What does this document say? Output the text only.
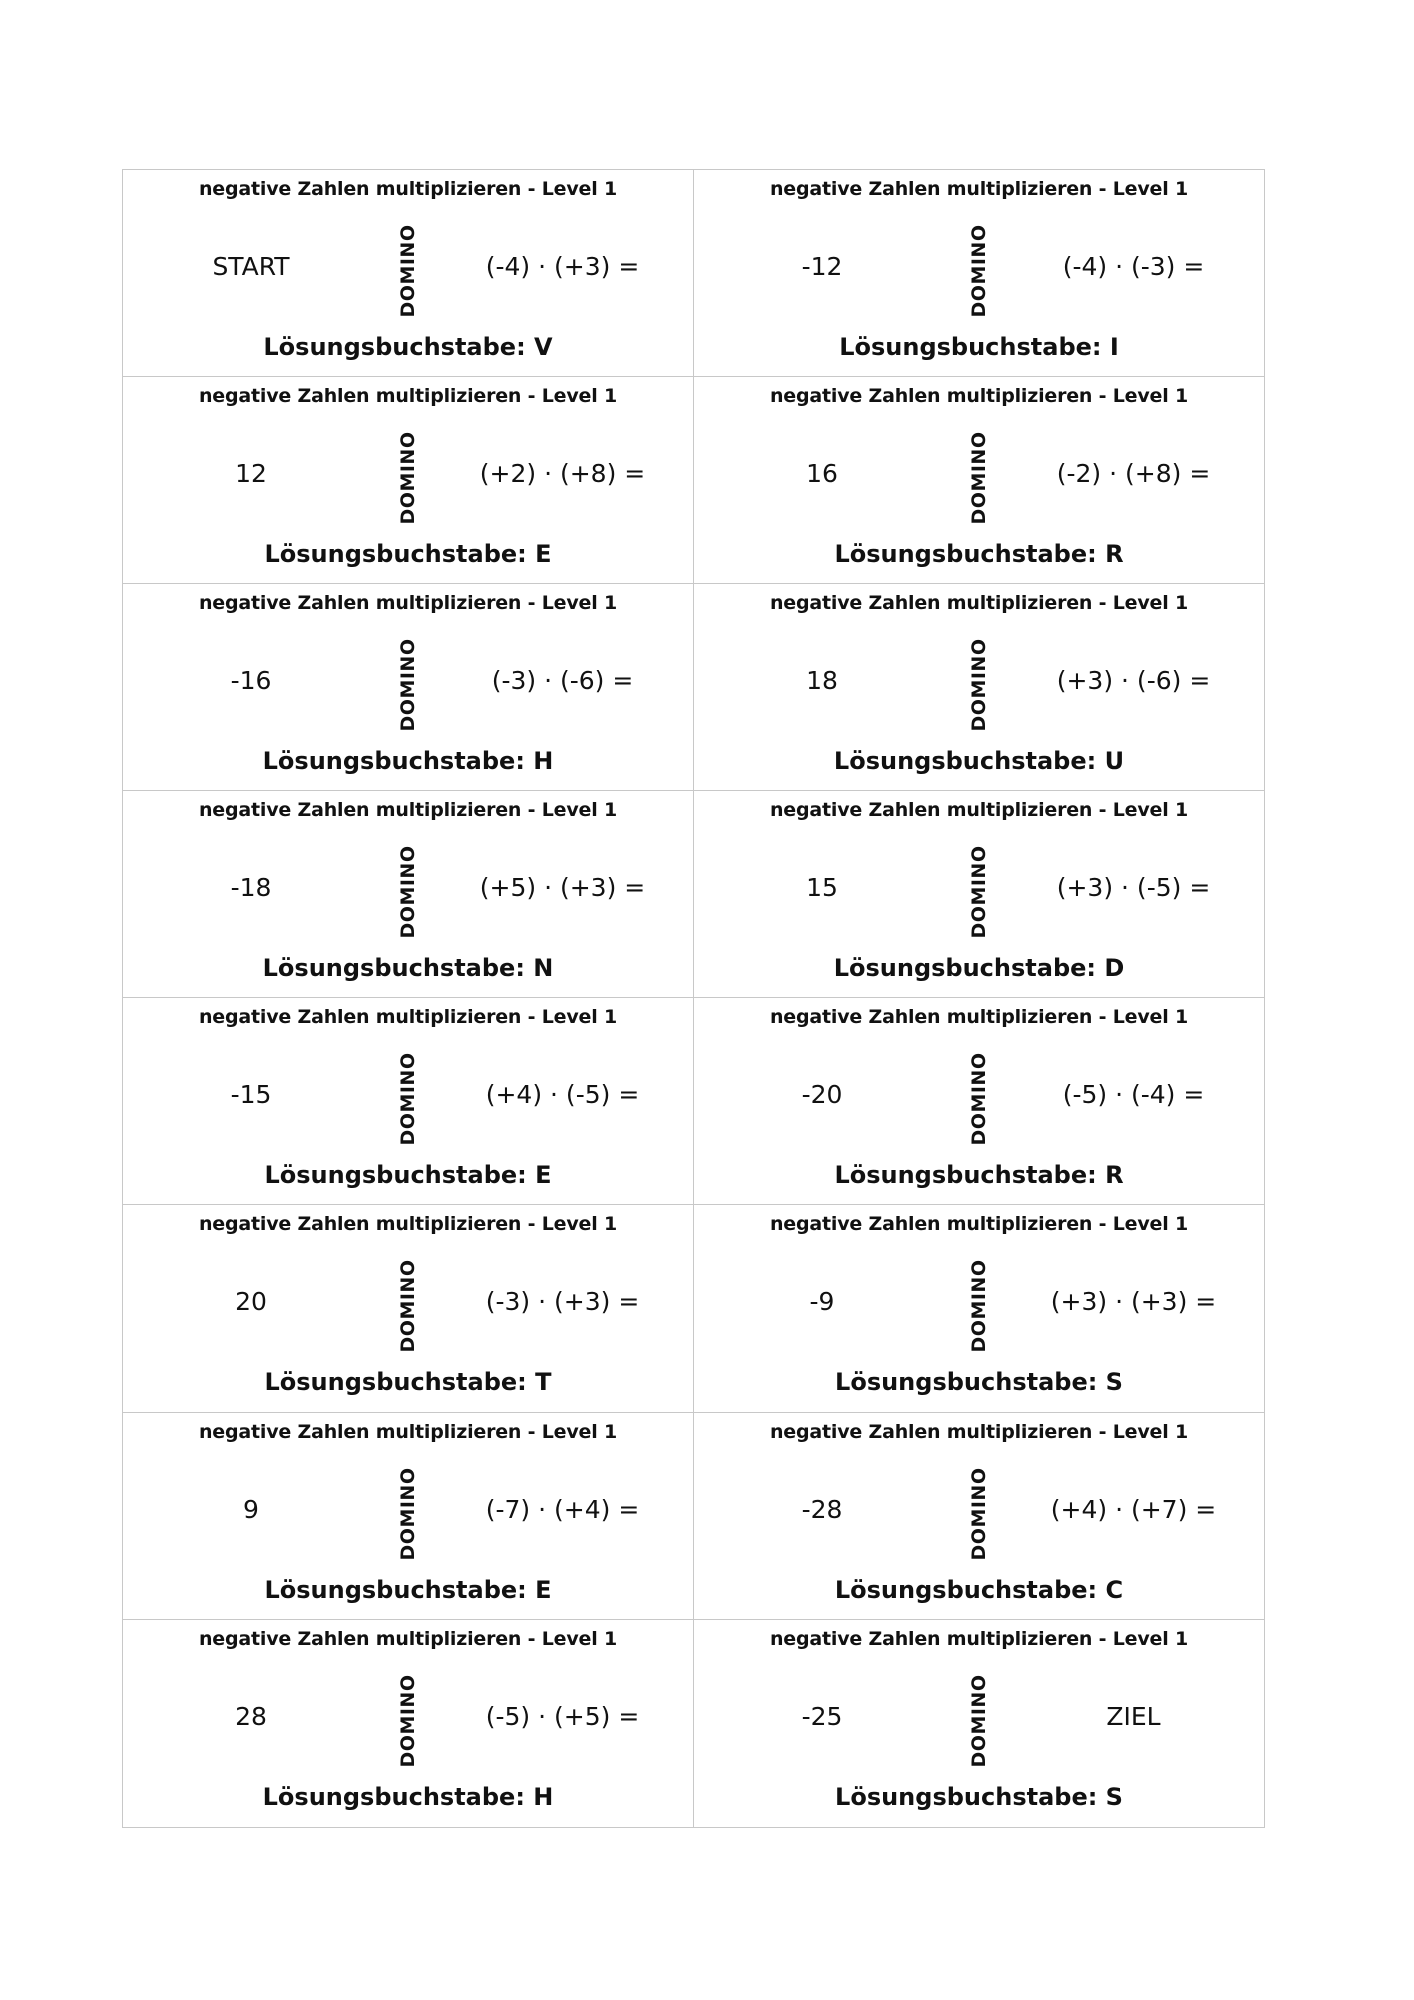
negative Zahlen multiplizieren - Level 1
START	DOMINO	(-4) · (+3) =
Lösungsbuchstabe: V
negative Zahlen multiplizieren - Level 1
-12	DOMINO	(-4) · (-3) =
Lösungsbuchstabe: I
negative Zahlen multiplizieren - Level 1
12	DOMINO	(+2) · (+8) =
Lösungsbuchstabe: E
negative Zahlen multiplizieren - Level 1
16	DOMINO	(-2) · (+8) =
Lösungsbuchstabe: R
negative Zahlen multiplizieren - Level 1
-16	DOMINO	(-3) · (-6) =
Lösungsbuchstabe: H
negative Zahlen multiplizieren - Level 1
18	DOMINO	(+3) · (-6) =
Lösungsbuchstabe: U
negative Zahlen multiplizieren - Level 1
-18	DOMINO	(+5) · (+3) =
Lösungsbuchstabe: N
negative Zahlen multiplizieren - Level 1
15	DOMINO	(+3) · (-5) =
Lösungsbuchstabe: D
negative Zahlen multiplizieren - Level 1
-15	DOMINO	(+4) · (-5) =
Lösungsbuchstabe: E
negative Zahlen multiplizieren - Level 1
-20	DOMINO	(-5) · (-4) =
Lösungsbuchstabe: R
negative Zahlen multiplizieren - Level 1
20	DOMINO	(-3) · (+3) =
Lösungsbuchstabe: T
negative Zahlen multiplizieren - Level 1
-9	DOMINO	(+3) · (+3) =
Lösungsbuchstabe: S
negative Zahlen multiplizieren - Level 1
9	DOMINO	(-7) · (+4) =
Lösungsbuchstabe: E
negative Zahlen multiplizieren - Level 1
-28	DOMINO	(+4) · (+7) =
Lösungsbuchstabe: C
negative Zahlen multiplizieren - Level 1
28	DOMINO	(-5) · (+5) =
Lösungsbuchstabe: H
negative Zahlen multiplizieren - Level 1
-25	DOMINO	ZIEL
Lösungsbuchstabe: S
